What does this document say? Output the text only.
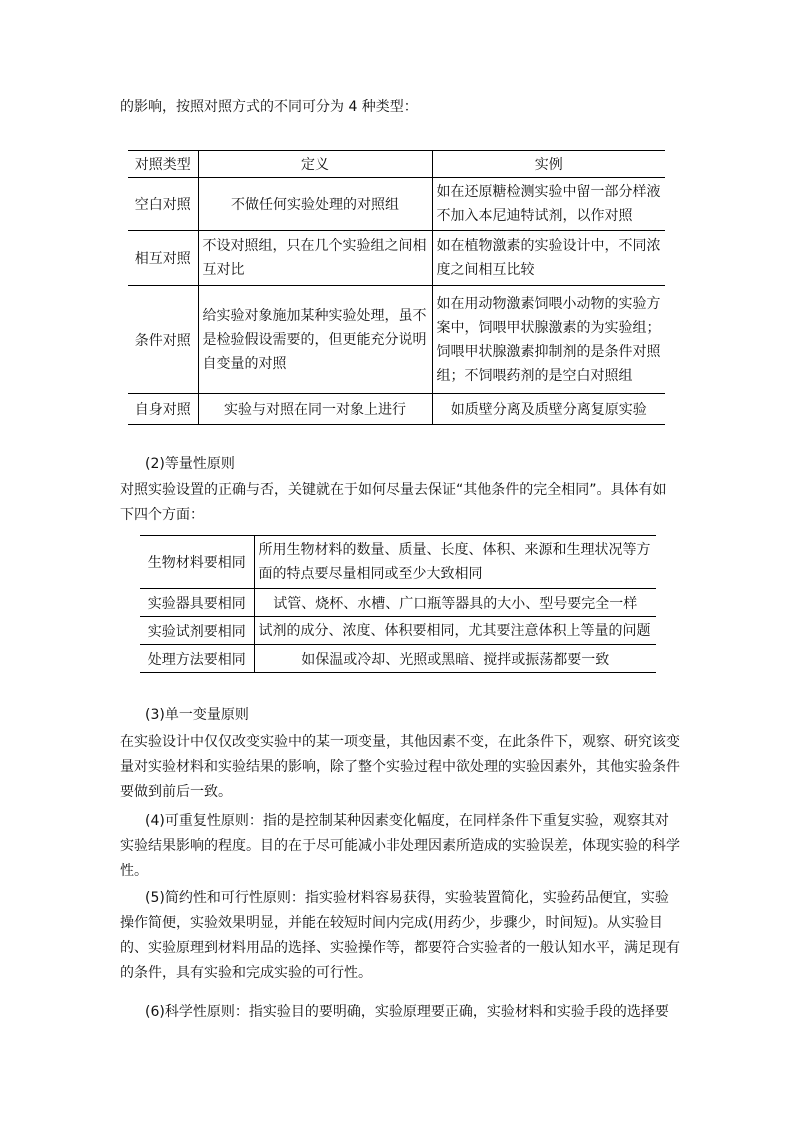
的影响，按照对照方式的不同可分为 4 种类型：

对照类型	定义	实例
空白对照	不做任何实验处理的对照组	如在还原糖检测实验中留一部分样液不加入本尼迪特试剂，以作对照
相互对照	不设对照组，只在几个实验组之间相互对比	如在植物激素的实验设计中，不同浓度之间相互比较
条件对照	给实验对象施加某种实验处理，虽不是检验假设需要的，但更能充分说明自变量的对照	如在用动物激素饲喂小动物的实验方案中，饲喂甲状腺激素的为实验组；饲喂甲状腺激素抑制剂的是条件对照组；不饲喂药剂的是空白对照组
自身对照	实验与对照在同一对象上进行	如质壁分离及质壁分离复原实验

(2)等量性原则

对照实验设置的正确与否，关键就在于如何尽量去保证“其他条件的完全相同”。具体有如下四个方面：

生物材料要相同	所用生物材料的数量、质量、长度、体积、来源和生理状况等方面的特点要尽量相同或至少大致相同
实验器具要相同	试管、烧杯、水槽、广口瓶等器具的大小、型号要完全一样
实验试剂要相同	试剂的成分、浓度、体积要相同，尤其要注意体积上等量的问题
处理方法要相同	如保温或冷却、光照或黑暗、搅拌或振荡都要一致

(3)单一变量原则

在实验设计中仅仅改变实验中的某一项变量，其他因素不变，在此条件下，观察、研究该变量对实验材料和实验结果的影响，除了整个实验过程中欲处理的实验因素外，其他实验条件要做到前后一致。

(4)可重复性原则：指的是控制某种因素变化幅度，在同样条件下重复实验，观察其对实验结果影响的程度。目的在于尽可能减小非处理因素所造成的实验误差，体现实验的科学性。

(5)简约性和可行性原则：指实验材料容易获得，实验装置简化，实验药品便宜，实验操作简便，实验效果明显，并能在较短时间内完成(用药少，步骤少，时间短)。从实验目的、实验原理到材料用品的选择、实验操作等，都要符合实验者的一般认知水平，满足现有的条件，具有实验和完成实验的可行性。

(6)科学性原则：指实验目的要明确，实验原理要正确，实验材料和实验手段的选择要
